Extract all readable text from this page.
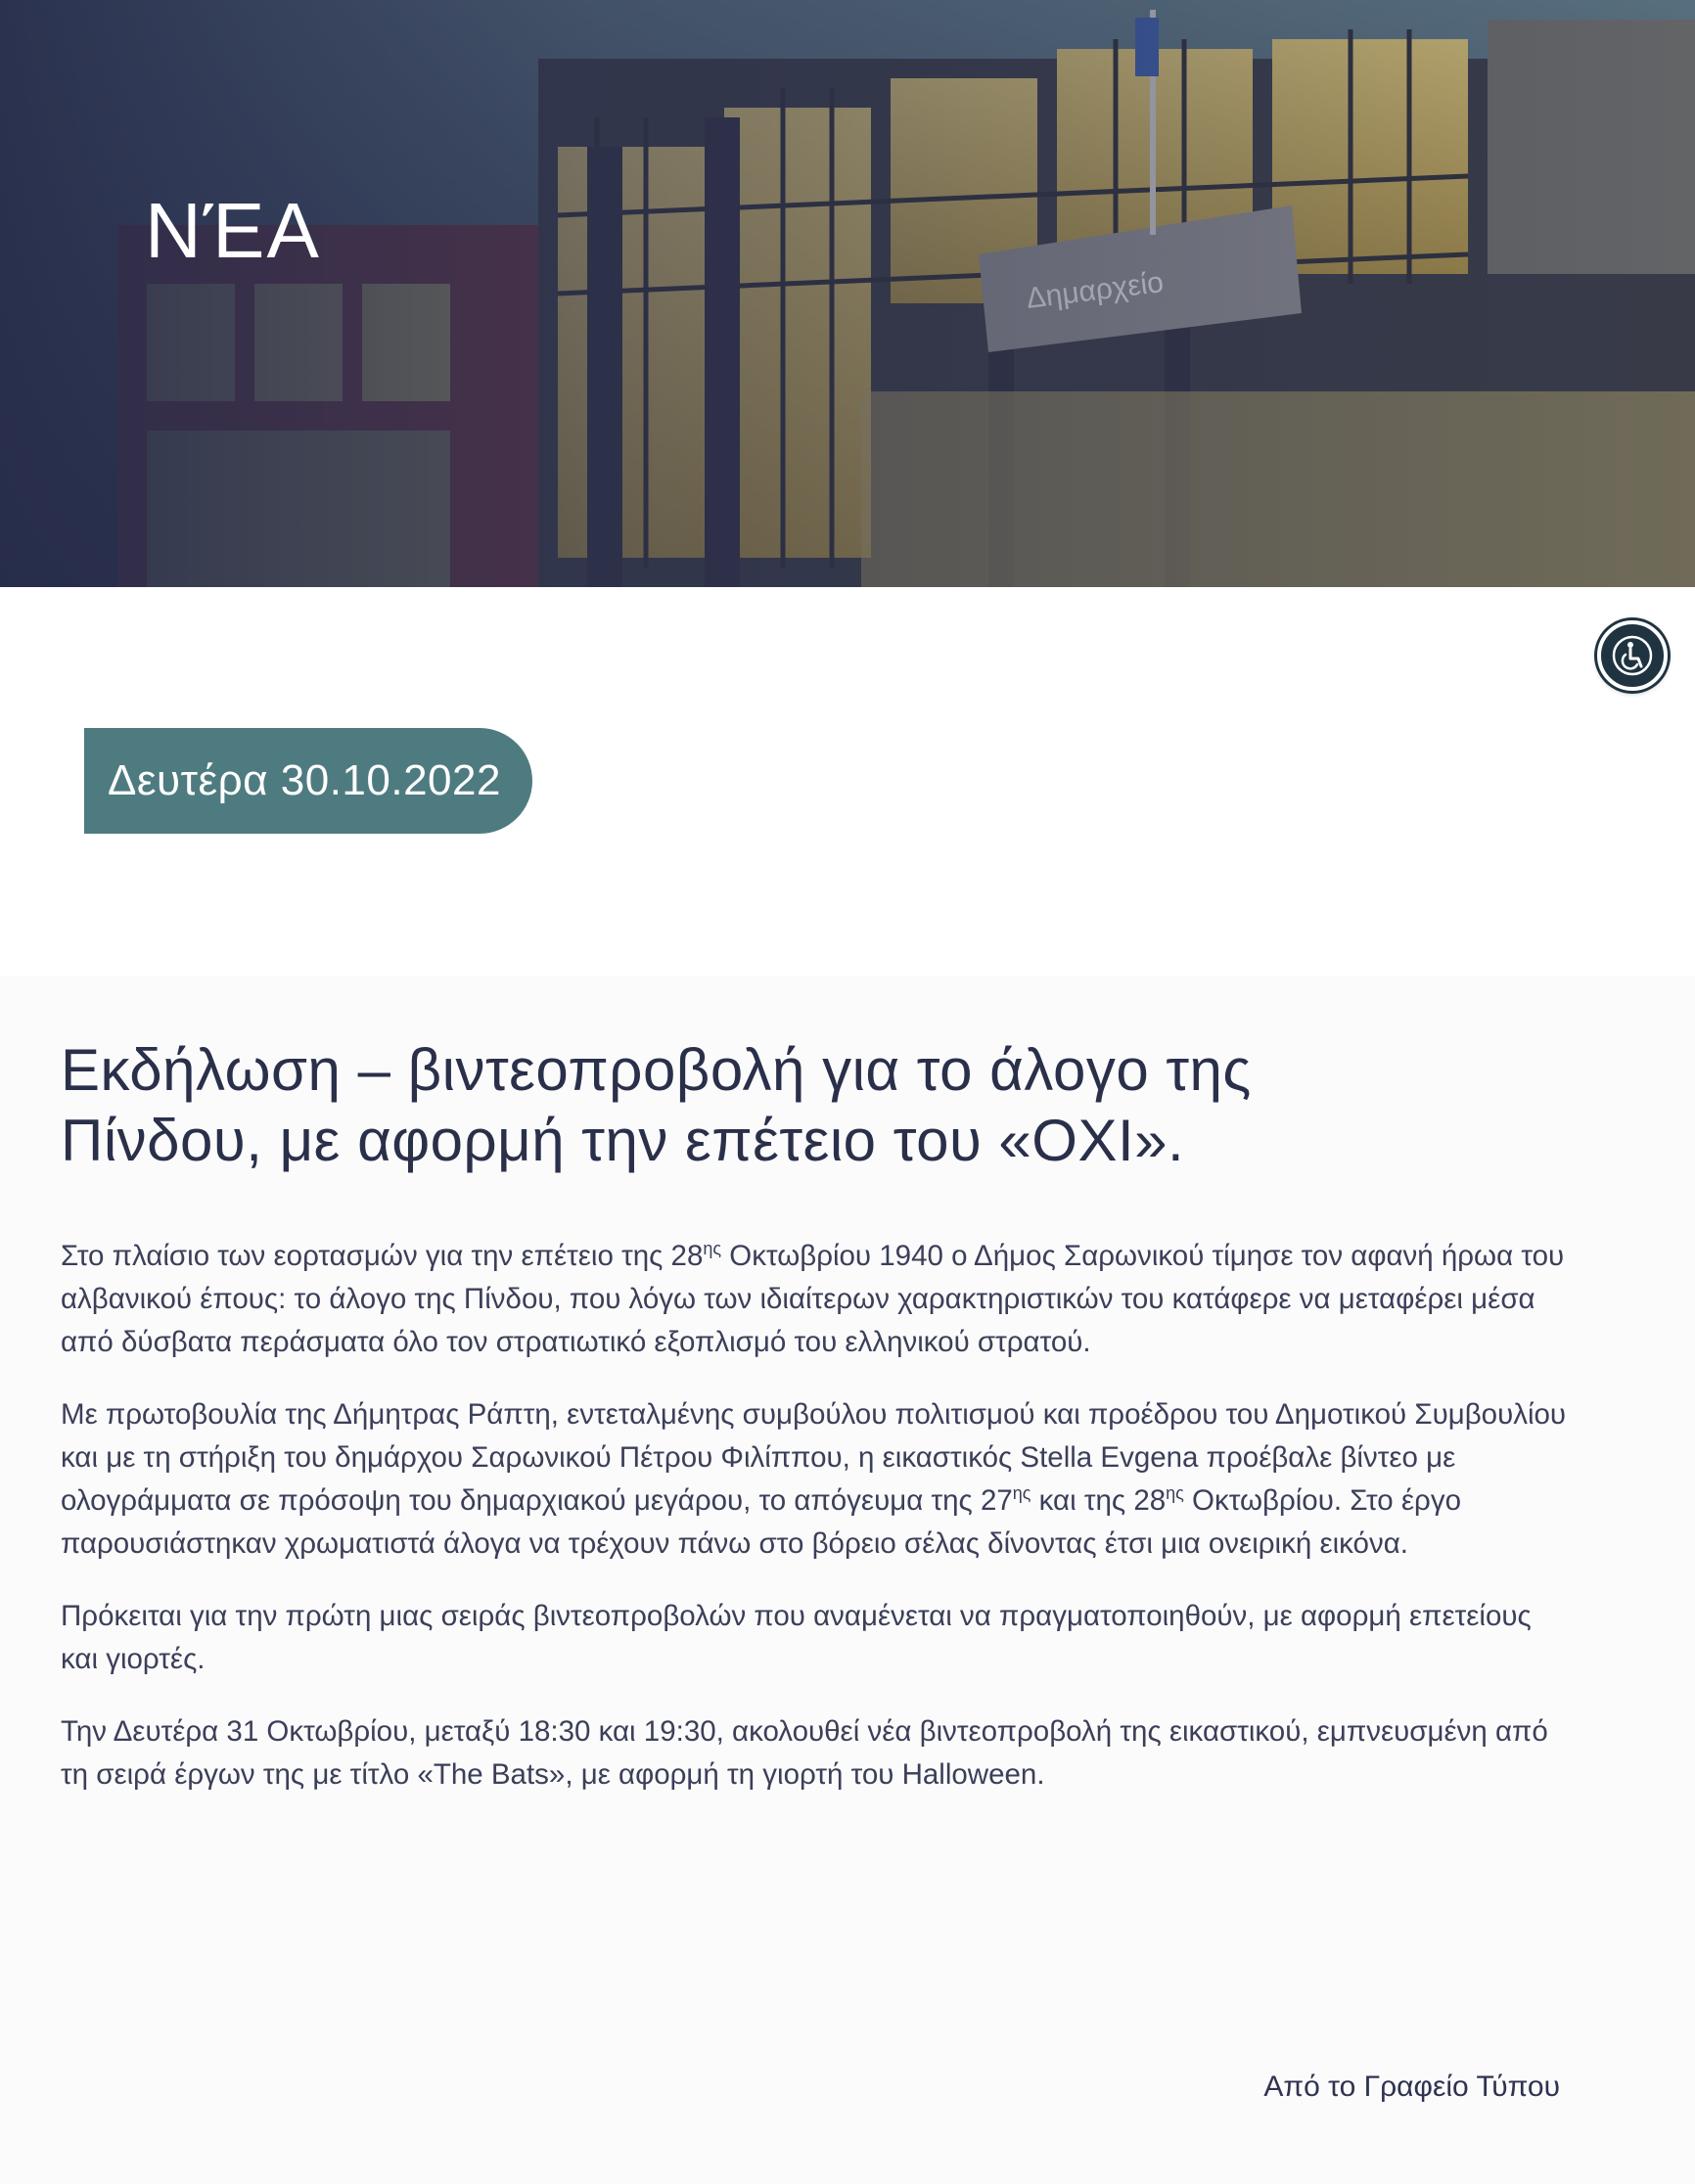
ΝΈΑ
Δευτέρα 30.10.2022
Εκδήλωση – βιντεοπροβολή για το άλογο της
Πίνδου, με αφορμή την επέτειο του «ΟΧΙ».

Στο πλαίσιο των εορτασμών για την επέτειο της $28^{\eta\varsigma}$ Οκτωβρίου 1940 ο Δήμος Σαρωνικού τίμησε τον αφανή ήρωα του αλβανικού έπους: το άλογο της Πίνδου, που λόγω των ιδιαίτερων χαρακτηριστικών του κατάφερε να μεταφέρει μέσα από δύσβατα περάσματα όλο τον στρατιωτικό εξοπλισμό του ελληνικού στρατού.

Με πρωτοβουλία της Δήμητρας Ράπτη, εντεταλμένης συμβούλου πολιτισμού και προέδρου του Δημοτικού Συμβουλίου και με τη στήριξη του δημάρχου Σαρωνικού Πέτρου Φιλίππου, η εικαστικός Stella Evgena προέβαλε βίντεο με ολογράμματα σε πρόσοψη του δημαρχιακού μεγάρου, το απόγευμα της $27^{\eta\varsigma}$ και της $28^{\eta\varsigma}$ Οκτωβρίου. Στο έργο παρουσιάστηκαν χρωματιστά άλογα να τρέχουν πάνω στο βόρειο σέλας δίνοντας έτσι μια ονειρική εικόνα.

Πρόκειται για την πρώτη μιας σειράς βιντεοπροβολών που αναμένεται να πραγματοποιηθούν, με αφορμή επετείους και γιορτές.

Την Δευτέρα 31 Οκτωβρίου, μεταξύ 18:30 και 19:30, ακολουθεί νέα βιντεοπροβολή της εικαστικού, εμπνευσμένη από τη σειρά έργων της με τίτλο «The Bats», με αφορμή τη γιορτή του Halloween.

Από το Γραφείο Τύπου
